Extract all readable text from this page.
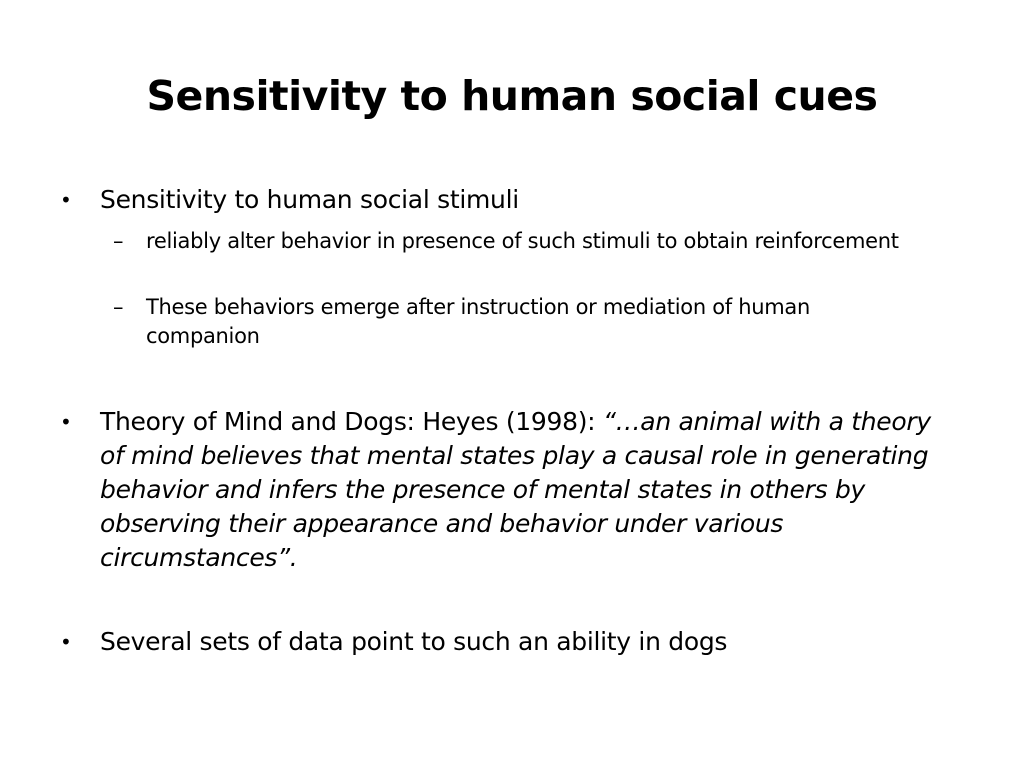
Sensitivity to human social cues
•	Sensitivity to human social stimuli
– reliably alter behavior in presence of such stimuli to obtain reinforcement
– These behaviors emerge after instruction or mediation of human companion
•	Theory of Mind and Dogs: Heyes (1998): “…an animal with a theory of mind believes that mental states play a causal role in generating behavior and infers the presence of mental states in others by observing their appearance and behavior under various circumstances”.
•	Several sets of data point to such an ability in dogs
